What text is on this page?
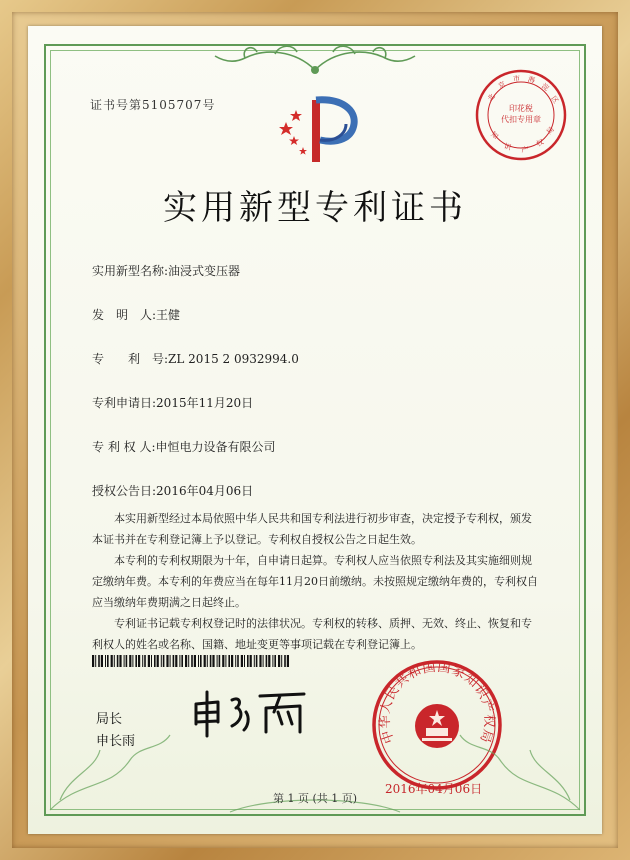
证书号第5105707号	印花税
代扣专用章
北
京
市 海
淀
区
知
识 产
权
局
实用新型专利证书
实用新型名称:油浸式变压器
发　明　人:王健
专　　利　号:ZL 2015 2 0932994.0
专利申请日:2015年11月20日
专 利 权 人:申恒电力设备有限公司
授权公告日:2016年04月06日

本实用新型经过本局依照中华人民共和国专利法进行初步审查，决定授予专利权，颁发本证书并在专利登记簿上予以登记。专利权自授权公告之日起生效。

本专利的专利权期限为十年，自申请日起算。专利权人应当依照专利法及其实施细则规定缴纳年费。本专利的年费应当在每年11月20日前缴纳。未按照规定缴纳年费的，专利权自应当缴纳年费期满之日起终止。

专利证书记载专利权登记时的法律状况。专利权的转移、质押、无效、终止、恢复和专利权人的姓名或名称、国籍、地址变更等事项记载在专利登记簿上。

局长
申长雨	中华人民共和国国家知识产权局
2016年04月06日
第 1 页 (共 1 页)
